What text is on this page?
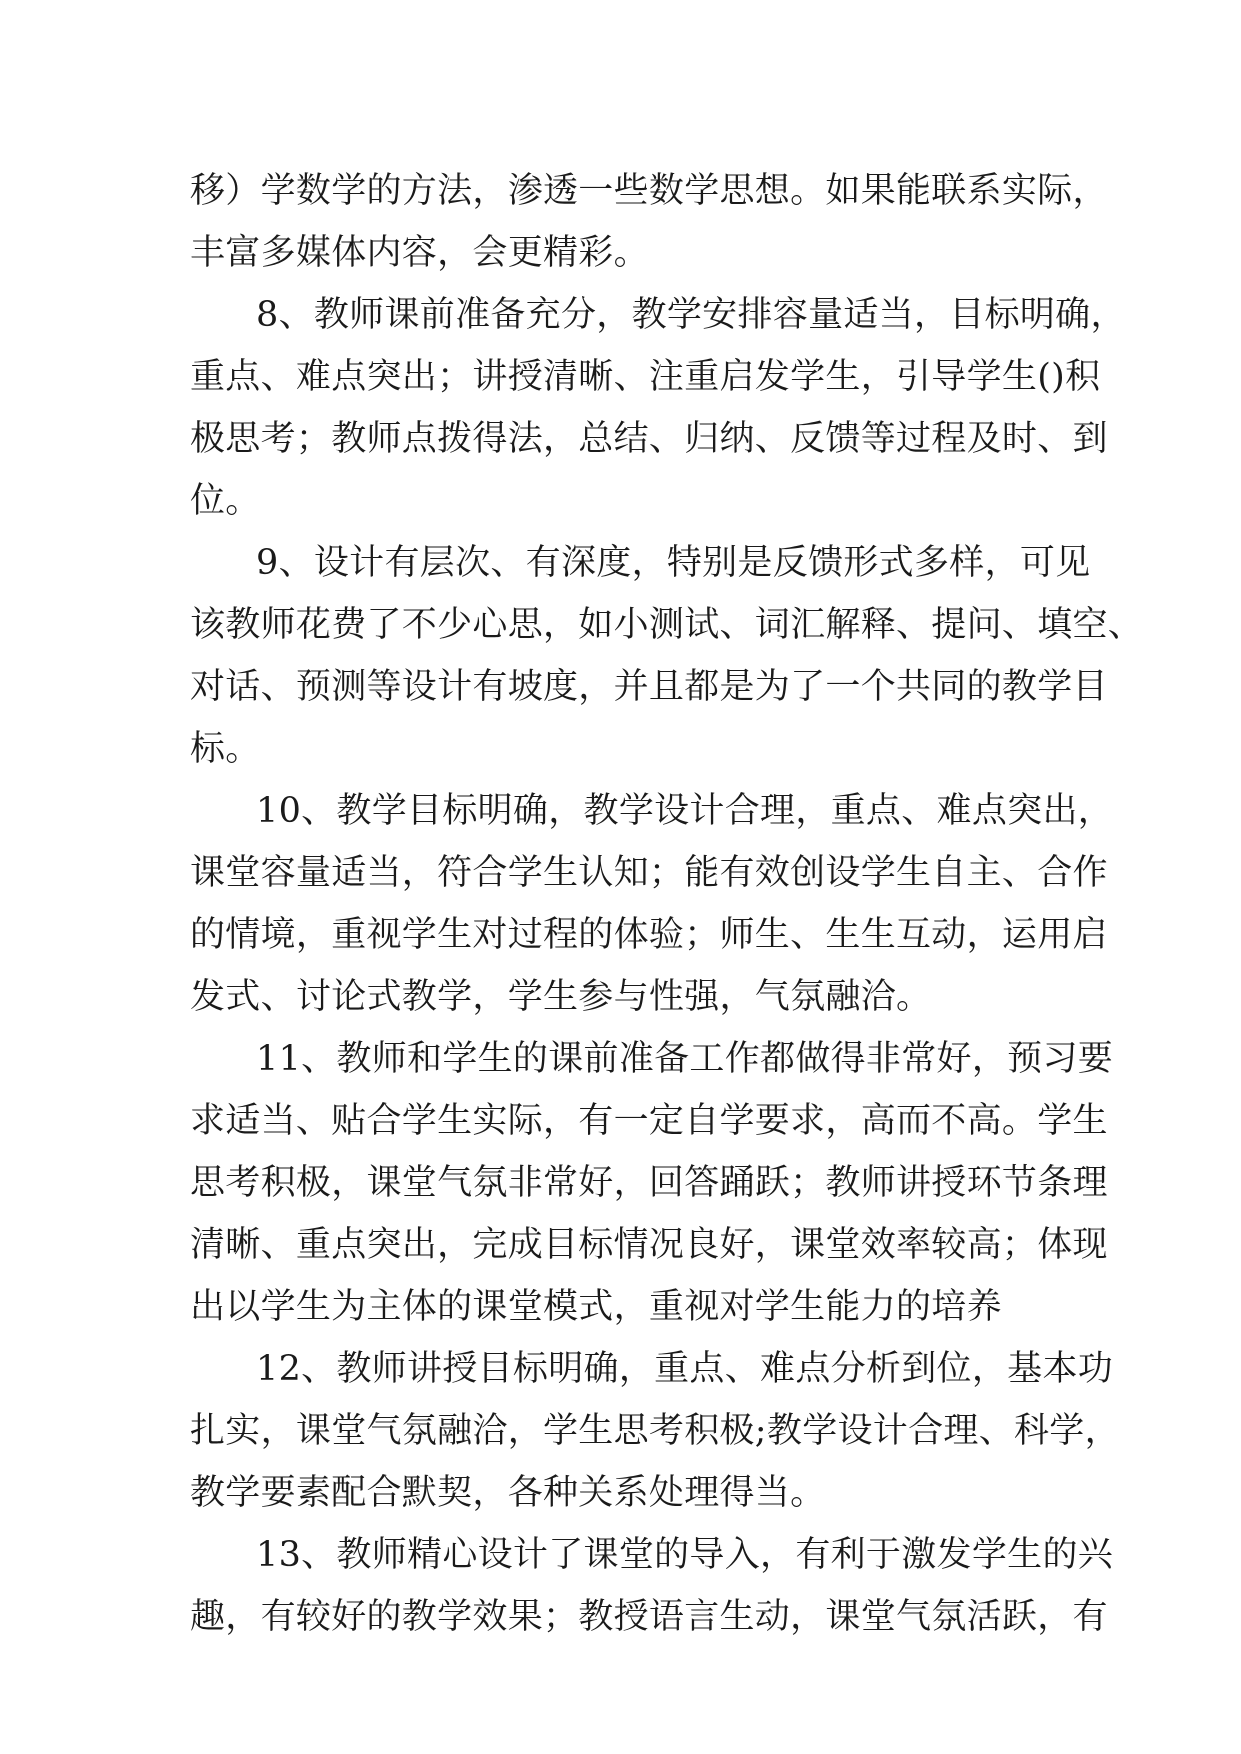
移）学数学的方法，渗透一些数学思想。如果能联系实际，
丰富多媒体内容，会更精彩。
8、教师课前准备充分，教学安排容量适当，目标明确，
重点、难点突出；讲授清晰、注重启发学生，引导学生()积
极思考；教师点拨得法，总结、归纳、反馈等过程及时、到
位。
9、设计有层次、有深度，特别是反馈形式多样，可见
该教师花费了不少心思，如小测试、词汇解释、提问、填空、
对话、预测等设计有坡度，并且都是为了一个共同的教学目
标。
10、教学目标明确，教学设计合理，重点、难点突出，
课堂容量适当，符合学生认知；能有效创设学生自主、合作
的情境，重视学生对过程的体验；师生、生生互动，运用启
发式、讨论式教学，学生参与性强，气氛融洽。
11、教师和学生的课前准备工作都做得非常好，预习要
求适当、贴合学生实际，有一定自学要求，高而不高。学生
思考积极，课堂气氛非常好，回答踊跃；教师讲授环节条理
清晰、重点突出，完成目标情况良好，课堂效率较高；体现
出以学生为主体的课堂模式，重视对学生能力的培养
12、教师讲授目标明确，重点、难点分析到位，基本功
扎实，课堂气氛融洽，学生思考积极;教学设计合理、科学，
教学要素配合默契，各种关系处理得当。
13、教师精心设计了课堂的导入，有利于激发学生的兴
趣，有较好的教学效果；教授语言生动，课堂气氛活跃，有
